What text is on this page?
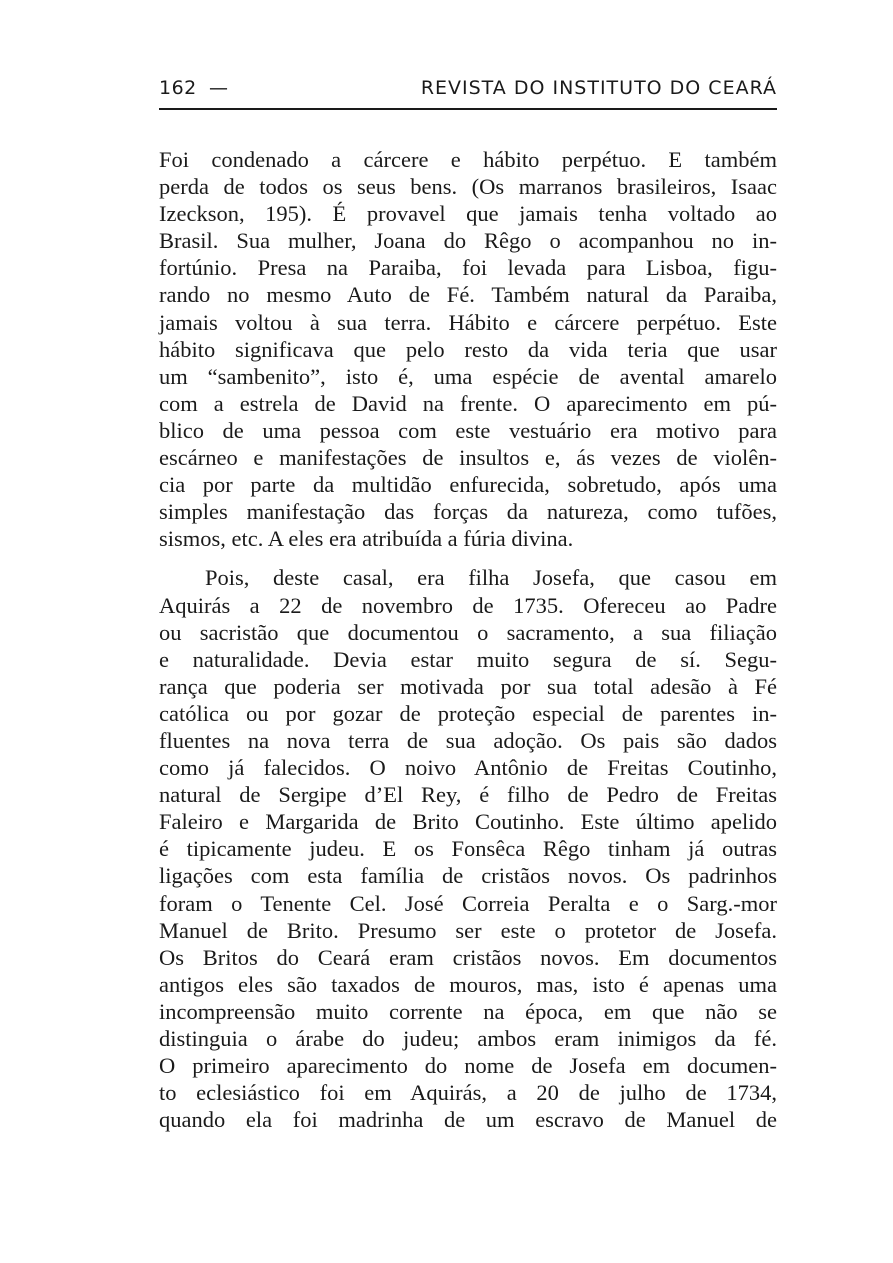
162 —	REVISTA DO INSTITUTO DO CEARÁ
Foi condenado a cárcere e hábito perpétuo. E também
perda de todos os seus bens. (Os marranos brasileiros, Isaac
Izeckson, 195). É provavel que jamais tenha voltado ao
Brasil. Sua mulher, Joana do Rêgo o acompanhou no in-
fortúnio. Presa na Paraiba, foi levada para Lisboa, figu-
rando no mesmo Auto de Fé. Também natural da Paraiba,
jamais voltou à sua terra. Hábito e cárcere perpétuo. Este
hábito significava que pelo resto da vida teria que usar
um “sambenito”, isto é, uma espécie de avental amarelo
com a estrela de David na frente. O aparecimento em pú-
blico de uma pessoa com este vestuário era motivo para
escárneo e manifestações de insultos e, ás vezes de violên-
cia por parte da multidão enfurecida, sobretudo, após uma
simples manifestação das forças da natureza, como tufões,
sismos, etc. A eles era atribuída a fúria divina.
Pois, deste casal, era filha Josefa, que casou em
Aquirás a 22 de novembro de 1735. Ofereceu ao Padre
ou sacristão que documentou o sacramento, a sua filiação
e naturalidade. Devia estar muito segura de sí. Segu-
rança que poderia ser motivada por sua total adesão à Fé
católica ou por gozar de proteção especial de parentes in-
fluentes na nova terra de sua adoção. Os pais são dados
como já falecidos. O noivo Antônio de Freitas Coutinho,
natural de Sergipe d’El Rey, é filho de Pedro de Freitas
Faleiro e Margarida de Brito Coutinho. Este último apelido
é tipicamente judeu. E os Fonsêca Rêgo tinham já outras
ligações com esta família de cristãos novos. Os padrinhos
foram o Tenente Cel. José Correia Peralta e o Sarg.-mor
Manuel de Brito. Presumo ser este o protetor de Josefa.
Os Britos do Ceará eram cristãos novos. Em documentos
antigos eles são taxados de mouros, mas, isto é apenas uma
incompreensão muito corrente na época, em que não se
distinguia o árabe do judeu; ambos eram inimigos da fé.
O primeiro aparecimento do nome de Josefa em documen-
to eclesiástico foi em Aquirás, a 20 de julho de 1734,
quando ela foi madrinha de um escravo de Manuel de
